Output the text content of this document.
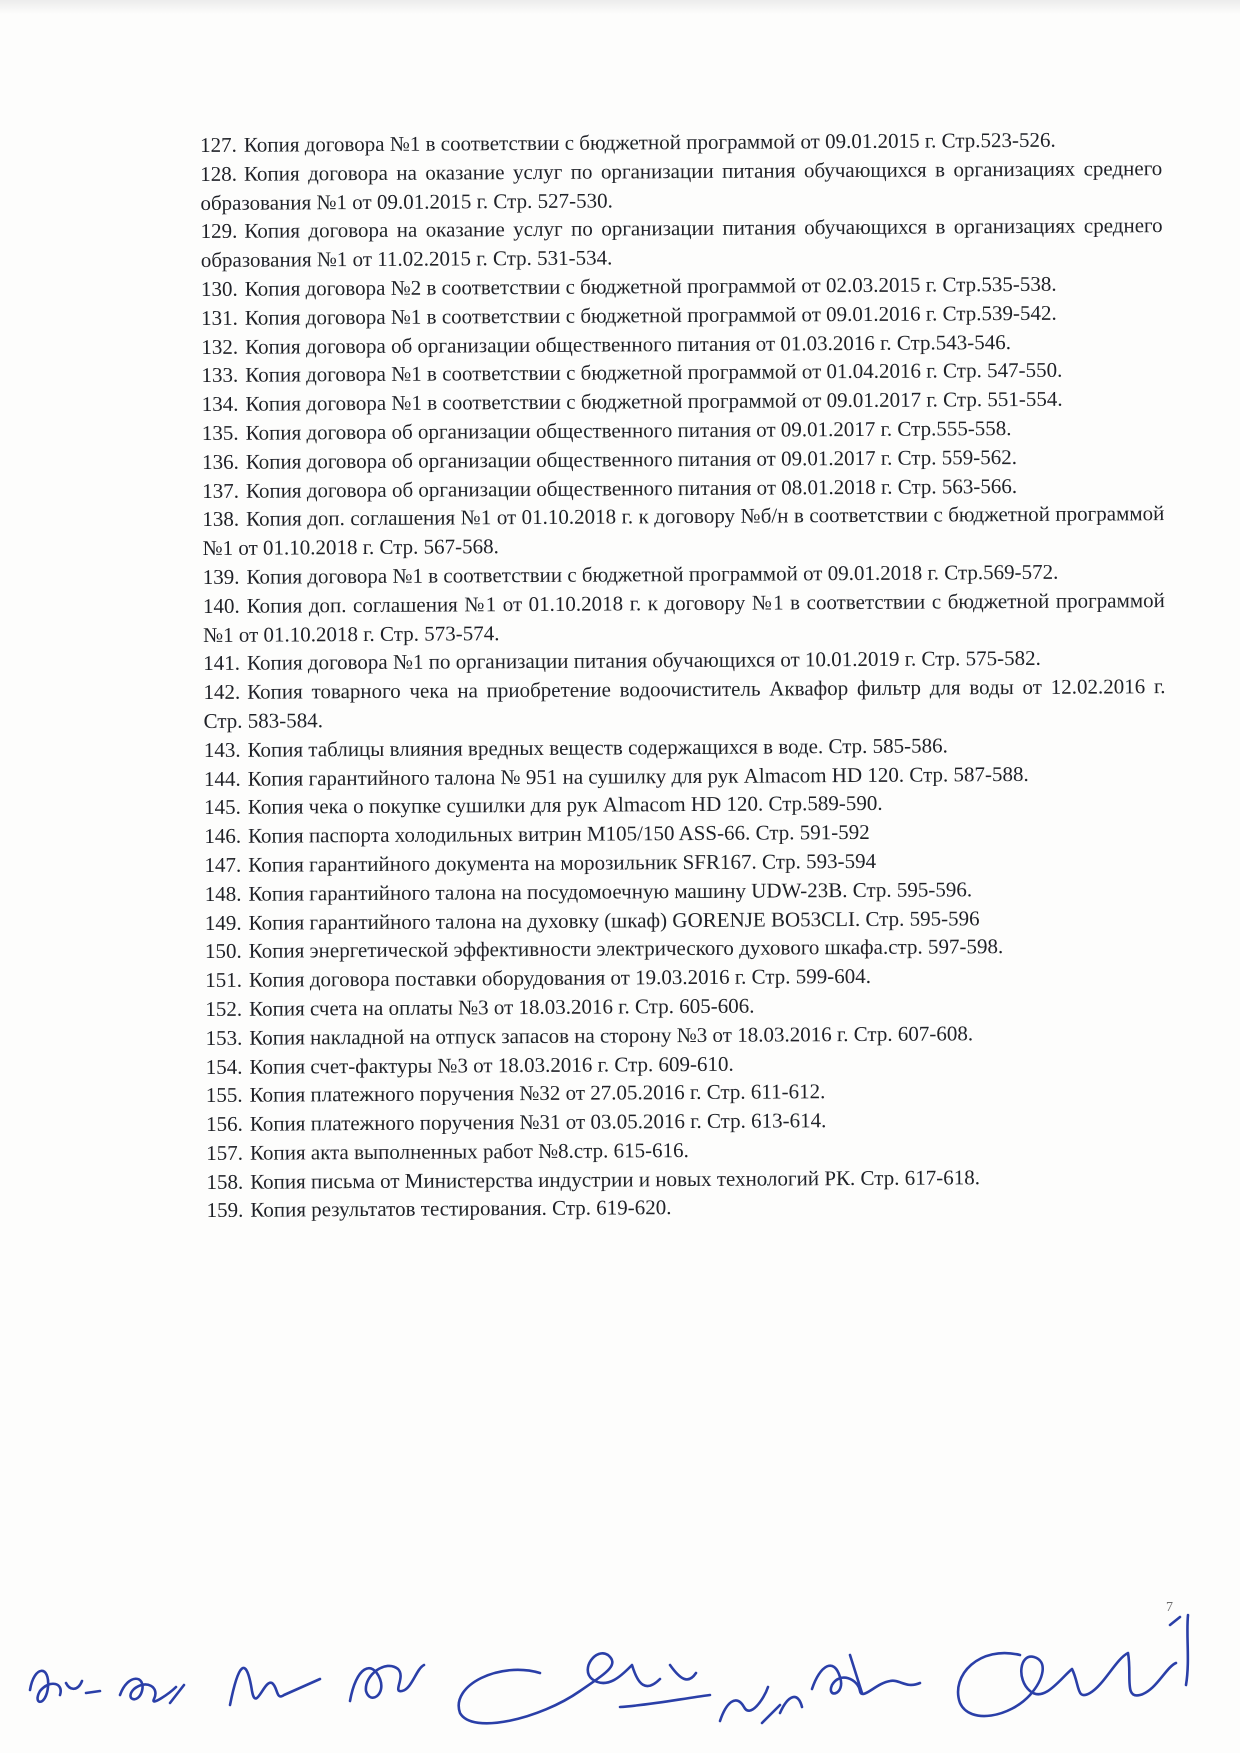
127. Копия договора №1 в соответствии с бюджетной программой от 09.01.2015 г. Стр.523-526.
128. Копия договора на оказание услуг по организации питания обучающихся в организациях среднего образования №1 от 09.01.2015 г. Стр. 527-530.
129. Копия договора на оказание услуг по организации питания обучающихся в организациях среднего образования №1 от 11.02.2015 г. Стр. 531-534.
130. Копия договора №2 в соответствии с бюджетной программой от 02.03.2015 г. Стр.535-538.
131. Копия договора №1 в соответствии с бюджетной программой от 09.01.2016 г. Стр.539-542.
132. Копия договора об организации общественного питания от 01.03.2016 г. Стр.543-546.
133. Копия договора №1 в соответствии с бюджетной программой от 01.04.2016 г. Стр. 547-550.
134. Копия договора №1 в соответствии с бюджетной программой от 09.01.2017 г. Стр. 551-554.
135. Копия договора об организации общественного питания от 09.01.2017 г. Стр.555-558.
136. Копия договора об организации общественного питания от 09.01.2017 г. Стр. 559-562.
137. Копия договора об организации общественного питания от 08.01.2018 г. Стр. 563-566.
138. Копия доп. соглашения №1 от 01.10.2018 г. к договору №б/н в соответствии с бюджетной программой №1 от 01.10.2018 г. Стр. 567-568.
139. Копия договора №1 в соответствии с бюджетной программой от 09.01.2018 г. Стр.569-572.
140. Копия доп. соглашения №1 от 01.10.2018 г. к договору №1 в соответствии с бюджетной программой №1 от 01.10.2018 г. Стр. 573-574.
141. Копия договора №1 по организации питания обучающихся от 10.01.2019 г. Стр. 575-582.
142. Копия товарного чека на приобретение водоочиститель Аквафор фильтр для воды от 12.02.2016 г. Стр. 583-584.
143. Копия таблицы влияния вредных веществ содержащихся в воде. Стр. 585-586.
144. Копия гарантийного талона № 951 на сушилку для рук Almacom HD 120. Стр. 587-588.
145. Копия чека о покупке сушилки для рук Almacom HD 120. Стр.589-590.
146. Копия паспорта холодильных витрин M105/150 ASS-66. Стр. 591-592
147. Копия гарантийного документа на морозильник SFR167. Стр. 593-594
148. Копия гарантийного талона на посудомоечную машину UDW-23B. Стр. 595-596.
149. Копия гарантийного талона на духовку (шкаф) GORENJE BO53CLI. Стр. 595-596
150. Копия энергетической эффективности электрического духового шкафа.стр. 597-598.
151. Копия договора поставки оборудования от 19.03.2016 г. Стр. 599-604.
152. Копия счета на оплаты №3 от 18.03.2016 г. Стр. 605-606.
153. Копия накладной на отпуск запасов на сторону №3 от 18.03.2016 г. Стр. 607-608.
154. Копия счет-фактуры №3 от 18.03.2016 г. Стр. 609-610.
155. Копия платежного поручения №32 от 27.05.2016 г. Стр. 611-612.
156. Копия платежного поручения №31 от 03.05.2016 г. Стр. 613-614.
157. Копия акта выполненных работ №8.стр. 615-616.
158. Копия письма от Министерства индустрии и новых технологий РК. Стр. 617-618.
159. Копия результатов тестирования. Стр. 619-620.
7
